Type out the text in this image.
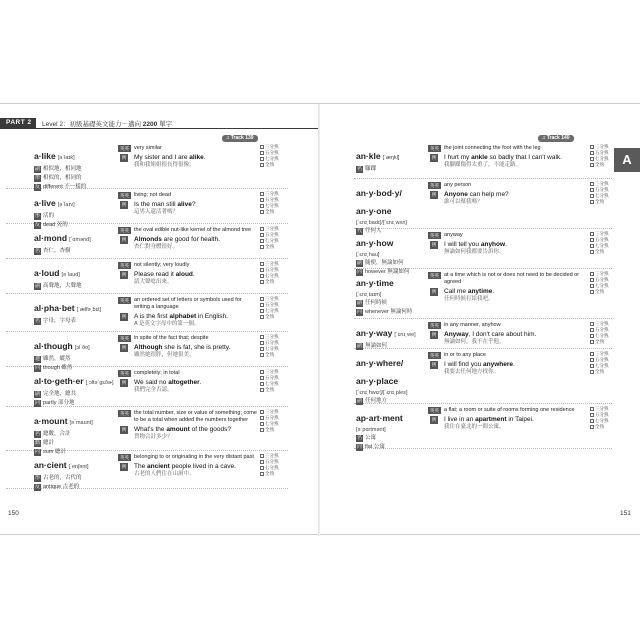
PART 2	Level 2：初級基礎英文能力－邁向 2200 單字
♫Track 139	♫Track 140
A
a·like [əˋlaɪk]
副 相似地，相同地
形 相似的，相同的
反 different 不一樣的
英英 very similar
例 My sister and I are alike.
我和我姐姐很長得很像。
三分熟
五分熟
七分熟
全熟
a·live [əˋlaɪv]
形 活的
反 dead 死的
英英 living; not dead
例 Is the man still alive?
這男人還活著嗎？
三分熟
五分熟
七分熟
全熟
al·mond [ˋɑmənd]
名 杏仁，杏樹
英英 the oval edible nut-like kernel of the almond tree
例 Almonds are good for health.
杏仁對身體很好。
三分熟
五分熟
七分熟
全熟
a·loud [əˋlaud]
副 高聲地，大聲地
英英 not silently; very loudly
例 Please read it aloud.
請大聲唸出來。
三分熟
五分熟
七分熟
全熟
al·pha·bet [ˋælfə͵bɛt]
名 字母，字母表
英英 an ordered set of letters or symbols used for writing a language
例 A is the first alphabet in English.
A 是英文字母中的第一個。
三分熟
五分熟
七分熟
全熟
al·though [ɔlˋðo]
連 雖然，縱然
同 though 雖然
英英 in spite of the fact that; despite
例 Although she is fat, she is pretty.
雖然她很胖，但她很美。
三分熟
五分熟
七分熟
全熟
al·to·geth·er [͵ɔltəˋgɛðɚ]
副 完全地，總共
同 partly 部分地
英英 completely; in total
例 We said no altogether.
我們完全否認。
三分熟
五分熟
七分熟
全熟
a·mount [əˋmaunt]
名 總數，合計
動 總計
同 sum 總計
英英 the total number, size or value of something; come to be a total when added the numbers together
例 What's the amount of the goods?
貨物合計多少？
三分熟
五分熟
七分熟
全熟
an·cient [ˋenʃənt]
形 古老的，古代的
反 antique 古老的
英英 belonging to or originating in the very distant past
例 The ancient people lived in a cave.
古老的人們住在山洞中。
三分熟
五分熟
七分熟
全熟
an·kle [ˋæŋkḷ]
名 腳踝
英英 the joint connecting the foot with the leg
例 I hurt my ankle so badly that I can't walk.
我腳踝傷得太重了，不能走路。
三分熟
五分熟
七分熟
全熟
an·y·bod·y/
an·y·one
[ˋɛnɪ͵badɪ]/[ˋɛnɪ͵wʌn]
代 任何人
英英 any person
例 Anyone can help me?
誰可以幫我嗎？
三分熟
五分熟
七分熟
全熟
an·y·how
[ˋɛnɪ͵hau]
副 隨便，無論如何
同 however 無論如何
英英 anyway
例 I will tell you anyhow.
無論如何我都要告訴你。
三分熟
五分熟
七分熟
全熟
an·y·time
[ˋɛnɪ͵taɪm]
副 任何時候
同 whenever 無論何時
英英 at a time which is not or does not need to be decided or agreed
例 Call me anytime.
任何時候打給我吧。
三分熟
五分熟
七分熟
全熟
an·y·way [ˋɛnɪ͵we]
副 無論如何
英英 in any manner, anyhow
例 Anyway, I don't care about him.
無論如何，我不在乎他。
三分熟
五分熟
七分熟
全熟
an·y·where/
an·y·place
[ˋɛnɪ͵hwɛr]/[ˋɛnɪ͵ples]
副 任何地方
英英 in or to any place
例 I will find you anywhere.
我要去任何地方找你。
三分熟
五分熟
七分熟
全熟
ap·art·ment
[əˋpɑrtmənt]
名 公寓
同 flat 公寓
英英 a flat; a room or suite of rooms forming one residence
例 I live in an apartment in Taipei.
我住在臺北的一間公寓。
三分熟
五分熟
七分熟
全熟
150	151
